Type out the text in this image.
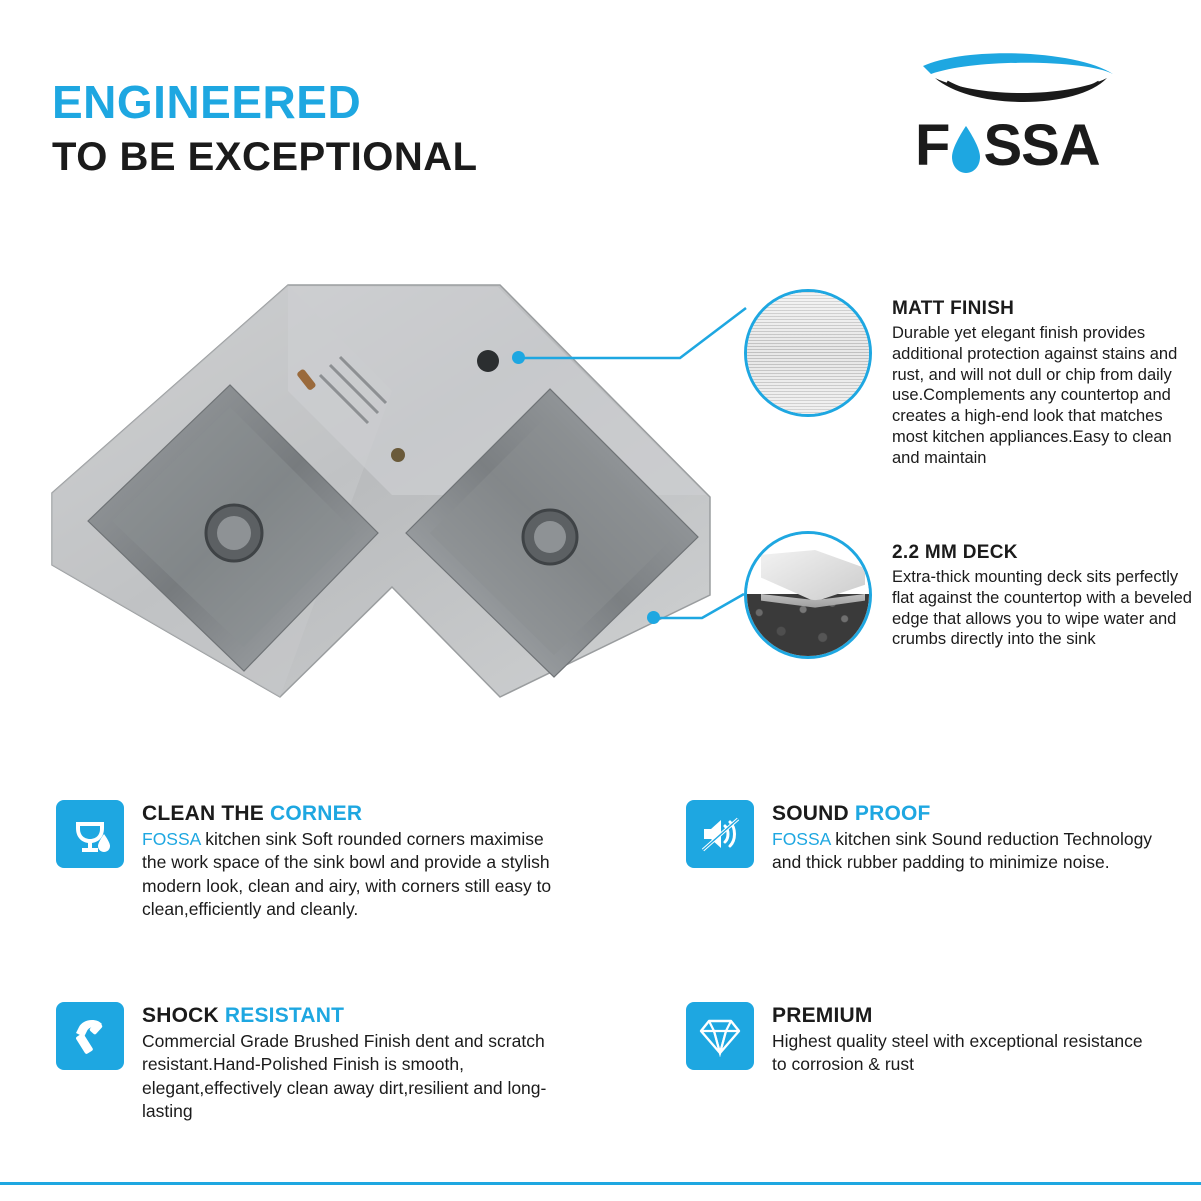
ENGINEERED
TO BE EXCEPTIONAL	F SSA
MATT FINISH
Durable yet elegant finish provides additional protection against stains and rust, and will not dull or chip from daily use.Complements any countertop and creates a high-end look that matches most kitchen appliances.Easy to clean and maintain
2.2 MM DECK
Extra-thick mounting deck sits perfectly flat against the countertop with a beveled edge that allows you to wipe water and crumbs directly into the sink
CLEAN THE CORNER
FOSSA kitchen sink Soft rounded corners maximise the work space of the sink bowl and provide a stylish modern look, clean and airy, with corners still easy to clean,efficiently and cleanly.
SHOCK RESISTANT
Commercial Grade Brushed Finish dent and scratch resistant.Hand-Polished Finish is smooth, elegant,effectively clean away dirt,resilient and long-lasting
SOUND PROOF
FOSSA kitchen sink Sound reduction Technology and thick rubber padding to minimize noise.
PREMIUM
Highest quality steel with exceptional resistance to corrosion & rust
